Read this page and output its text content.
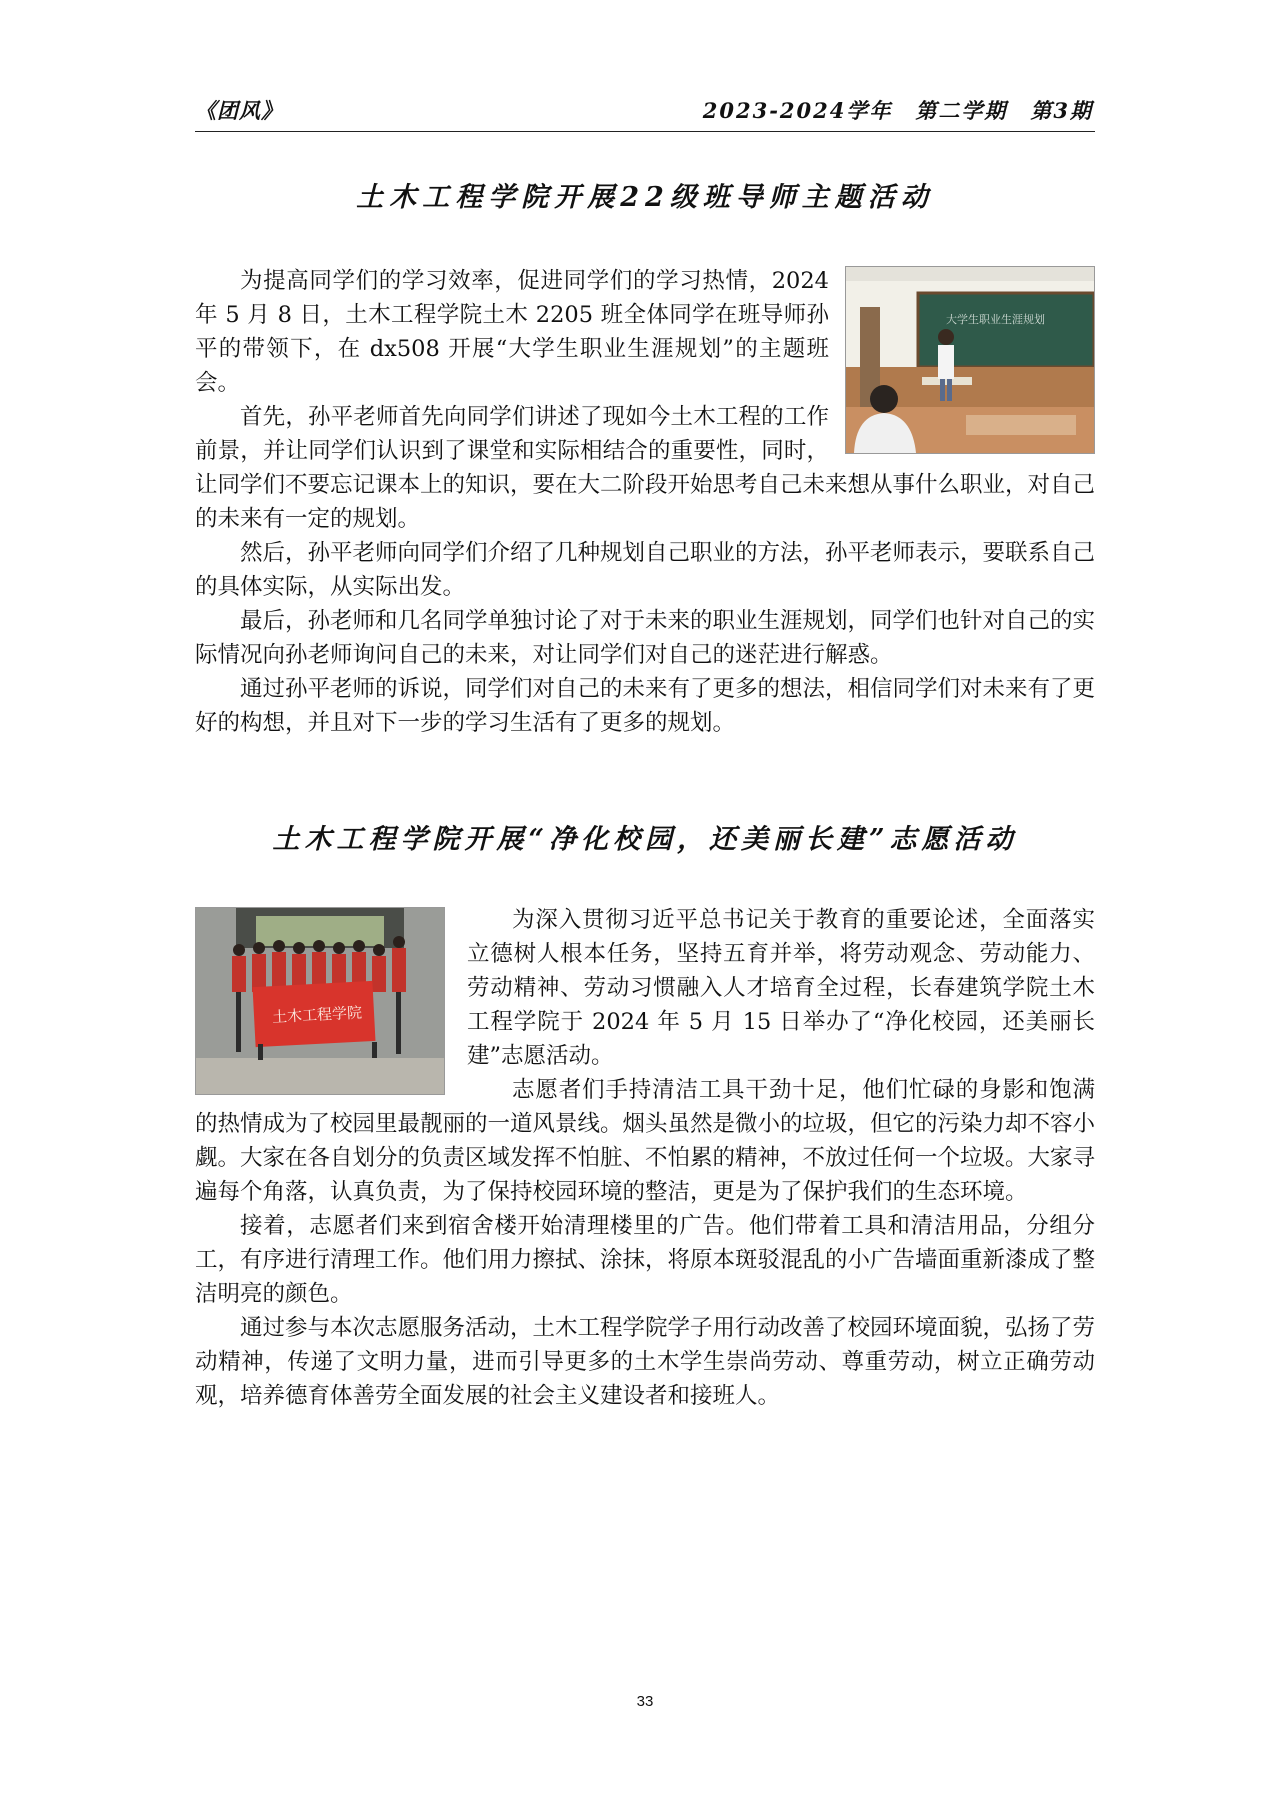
《团风》	2023-2024学年　第二学期　第3期
土木工程学院开展22级班导师主题活动
大学生职业生涯规划

为提高同学们的学习效率，促进同学们的学习热情，2024 年 5 月 8 日，土木工程学院土木 2205 班全体同学在班导师孙平的带领下，在 dx508 开展“大学生职业生涯规划”的主题班会。

首先，孙平老师首先向同学们讲述了现如今土木工程的工作前景，并让同学们认识到了课堂和实际相结合的重要性，同时，让同学们不要忘记课本上的知识，要在大二阶段开始思考自己未来想从事什么职业，对自己的未来有一定的规划。

然后，孙平老师向同学们介绍了几种规划自己职业的方法，孙平老师表示，要联系自己的具体实际，从实际出发。

最后，孙老师和几名同学单独讨论了对于未来的职业生涯规划，同学们也针对自己的实际情况向孙老师询问自己的未来，对让同学们对自己的迷茫进行解惑。

通过孙平老师的诉说，同学们对自己的未来有了更多的想法，相信同学们对未来有了更好的构想，并且对下一步的学习生活有了更多的规划。

土木工程学院开展“净化校园，还美丽长建”志愿活动
土木工程学院

为深入贯彻习近平总书记关于教育的重要论述，全面落实立德树人根本任务，坚持五育并举，将劳动观念、劳动能力、劳动精神、劳动习惯融入人才培育全过程，长春建筑学院土木工程学院于 2024 年 5 月 15 日举办了“净化校园，还美丽长建”志愿活动。

志愿者们手持清洁工具干劲十足，他们忙碌的身影和饱满的热情成为了校园里最靓丽的一道风景线。烟头虽然是微小的垃圾，但它的污染力却不容小觑。大家在各自划分的负责区域发挥不怕脏、不怕累的精神，不放过任何一个垃圾。大家寻遍每个角落，认真负责，为了保持校园环境的整洁，更是为了保护我们的生态环境。

接着，志愿者们来到宿舍楼开始清理楼里的广告。他们带着工具和清洁用品，分组分工，有序进行清理工作。他们用力擦拭、涂抹，将原本斑驳混乱的小广告墙面重新漆成了整洁明亮的颜色。

通过参与本次志愿服务活动，土木工程学院学子用行动改善了校园环境面貌，弘扬了劳动精神，传递了文明力量，进而引导更多的土木学生崇尚劳动、尊重劳动，树立正确劳动观，培养德育体善劳全面发展的社会主义建设者和接班人。

33
